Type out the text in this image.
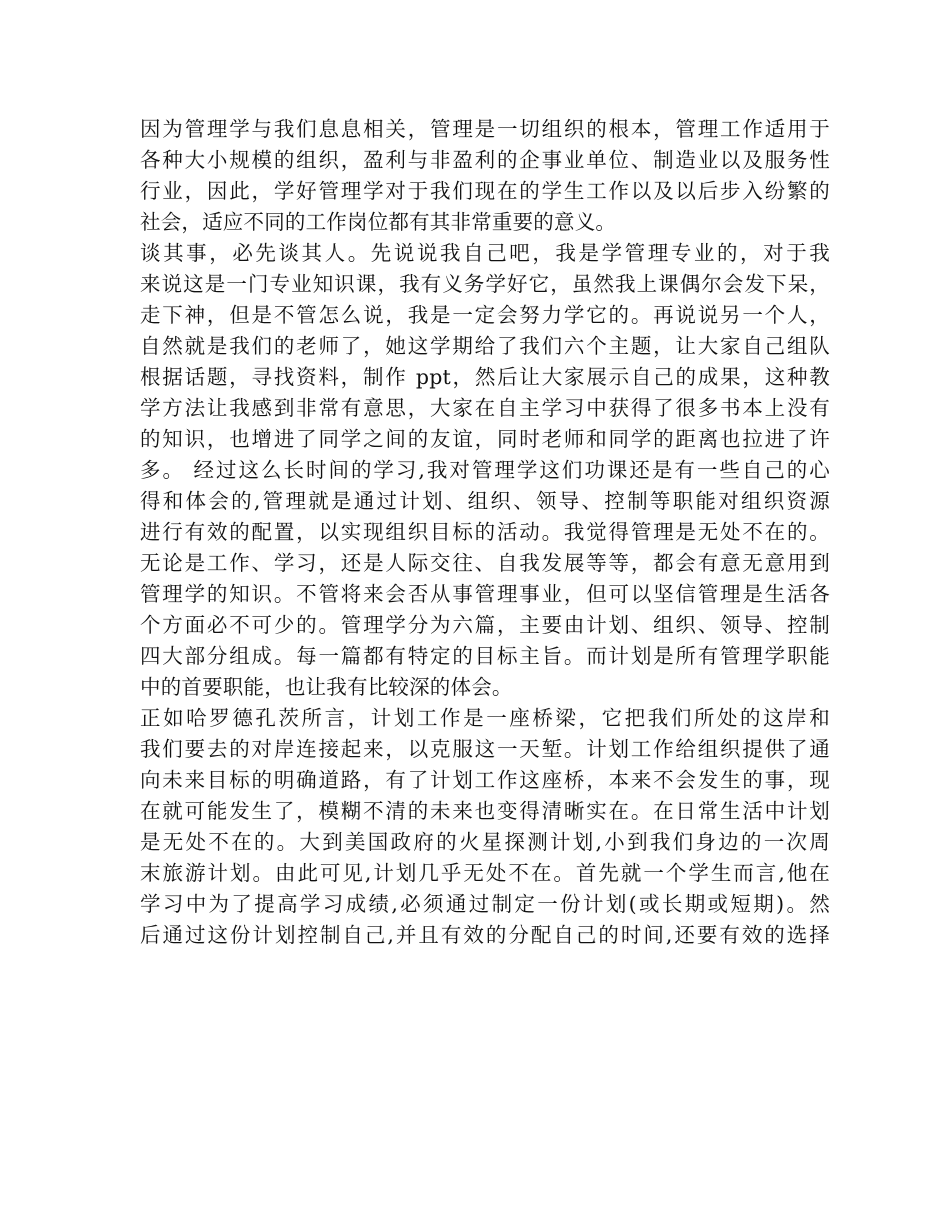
因为管理学与我们息息相关，管理是一切组织的根本，管理工作适用于
各种大小规模的组织，盈利与非盈利的企事业单位、制造业以及服务性
行业，因此，学好管理学对于我们现在的学生工作以及以后步入纷繁的
社会，适应不同的工作岗位都有其非常重要的意义。
谈其事，必先谈其人。先说说我自己吧，我是学管理专业的，对于我
来说这是一门专业知识课，我有义务学好它，虽然我上课偶尔会发下呆，
走下神，但是不管怎么说，我是一定会努力学它的。再说说另一个人，
自然就是我们的老师了，她这学期给了我们六个主题，让大家自己组队
根据话题，寻找资料，制作 ppt，然后让大家展示自己的成果，这种教
学方法让我感到非常有意思，大家在自主学习中获得了很多书本上没有
的知识，也增进了同学之间的友谊，同时老师和同学的距离也拉进了许
多。 经过这么长时间的学习,我对管理学这们功课还是有一些自己的心
得和体会的,管理就是通过计划、组织、领导、控制等职能对组织资源
进行有效的配置，以实现组织目标的活动。我觉得管理是无处不在的。
无论是工作、学习，还是人际交往、自我发展等等，都会有意无意用到
管理学的知识。不管将来会否从事管理事业，但可以坚信管理是生活各
个方面必不可少的。管理学分为六篇，主要由计划、组织、领导、控制
四大部分组成。每一篇都有特定的目标主旨。而计划是所有管理学职能
中的首要职能，也让我有比较深的体会。
正如哈罗德孔茨所言，计划工作是一座桥梁，它把我们所处的这岸和
我们要去的对岸连接起来，以克服这一天堑。计划工作给组织提供了通
向未来目标的明确道路，有了计划工作这座桥，本来不会发生的事，现
在就可能发生了，模糊不清的未来也变得清晰实在。在日常生活中计划
是无处不在的。大到美国政府的火星探测计划,小到我们身边的一次周
末旅游计划。由此可见,计划几乎无处不在。首先就一个学生而言,他在
学习中为了提高学习成绩,必须通过制定一份计划(或长期或短期)。然
后通过这份计划控制自己,并且有效的分配自己的时间,还要有效的选择
